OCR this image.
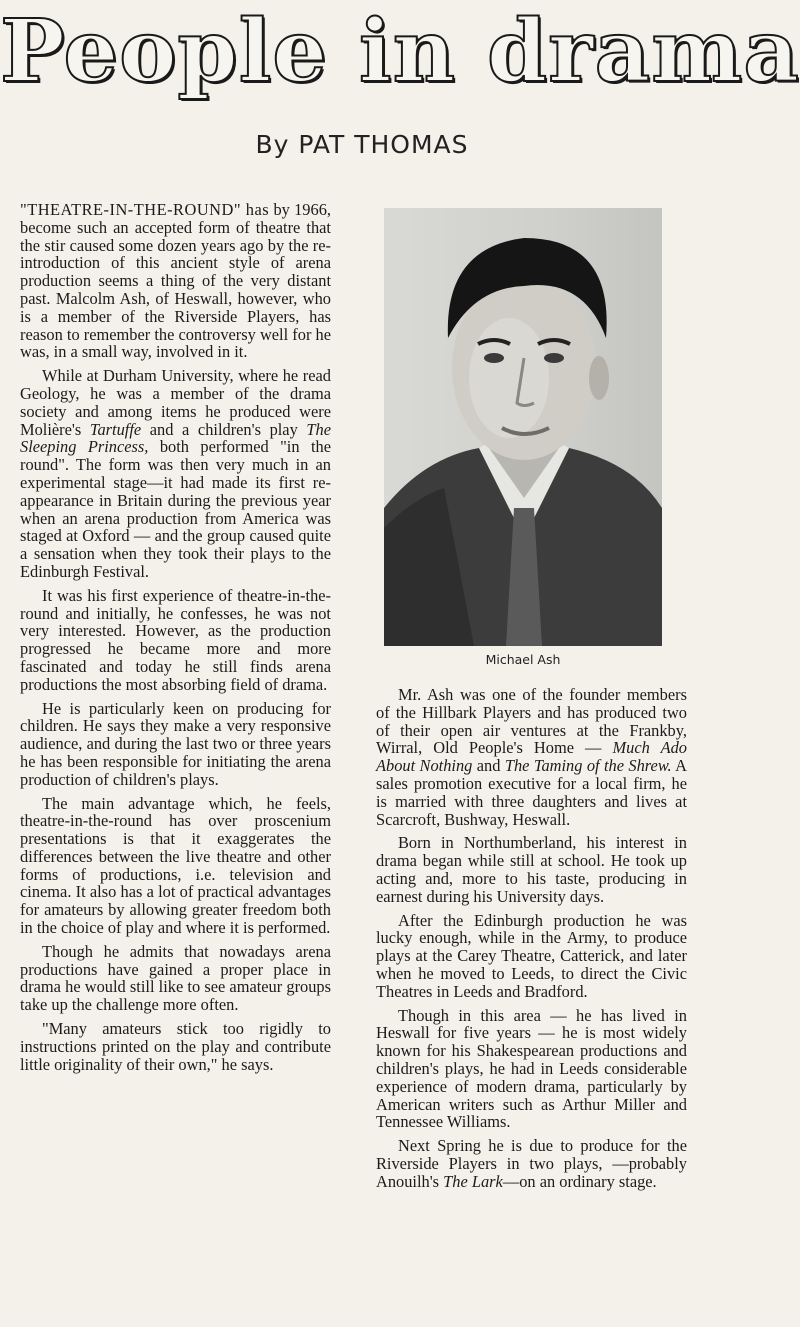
People in drama
By PAT THOMAS

"THEATRE-IN-THE-ROUND" has by 1966, become such an accepted form of theatre that the stir caused some dozen years ago by the re-introduction of this ancient style of arena production seems a thing of the very distant past. Malcolm Ash, of Heswall, however, who is a member of the Riverside Players, has reason to remember the controversy well for he was, in a small way, involved in it.

While at Durham University, where he read Geology, he was a member of the drama society and among items he produced were Molière's Tartuffe and a children's play The Sleeping Princess, both performed "in the round". The form was then very much in an experimental stage—it had made its first re-appearance in Britain during the previous year when an arena production from America was staged at Oxford — and the group caused quite a sensation when they took their plays to the Edinburgh Festival.

It was his first experience of theatre-in-the-round and initially, he confesses, he was not very interested. However, as the production progressed he became more and more fascinated and today he still finds arena productions the most absorbing field of drama.

He is particularly keen on producing for children. He says they make a very responsive audience, and during the last two or three years he has been responsible for initiating the arena production of children's plays.

The main advantage which, he feels, theatre-in-the-round has over proscenium presentations is that it exaggerates the differences between the live theatre and other forms of productions, i.e. television and cinema. It also has a lot of practical advantages for amateurs by allowing greater freedom both in the choice of play and where it is performed.

Though he admits that nowadays arena productions have gained a proper place in drama he would still like to see amateur groups take up the challenge more often.

"Many amateurs stick too rigidly to instructions printed on the play and contribute little originality of their own," he says.

Michael Ash

Mr. Ash was one of the founder members of the Hillbark Players and has produced two of their open air ventures at the Frankby, Wirral, Old People's Home — Much Ado About Nothing and The Taming of the Shrew. A sales promotion executive for a local firm, he is married with three daughters and lives at Scarcroft, Bushway, Heswall.

Born in Northumberland, his interest in drama began while still at school. He took up acting and, more to his taste, producing in earnest during his University days.

After the Edinburgh production he was lucky enough, while in the Army, to produce plays at the Carey Theatre, Catterick, and later when he moved to Leeds, to direct the Civic Theatres in Leeds and Bradford.

Though in this area — he has lived in Heswall for five years — he is most widely known for his Shakespearean productions and children's plays, he had in Leeds considerable experience of modern drama, particularly by American writers such as Arthur Miller and Tennessee Williams.

Next Spring he is due to produce for the Riverside Players in two plays, —probably Anouilh's The Lark—on an ordinary stage.
